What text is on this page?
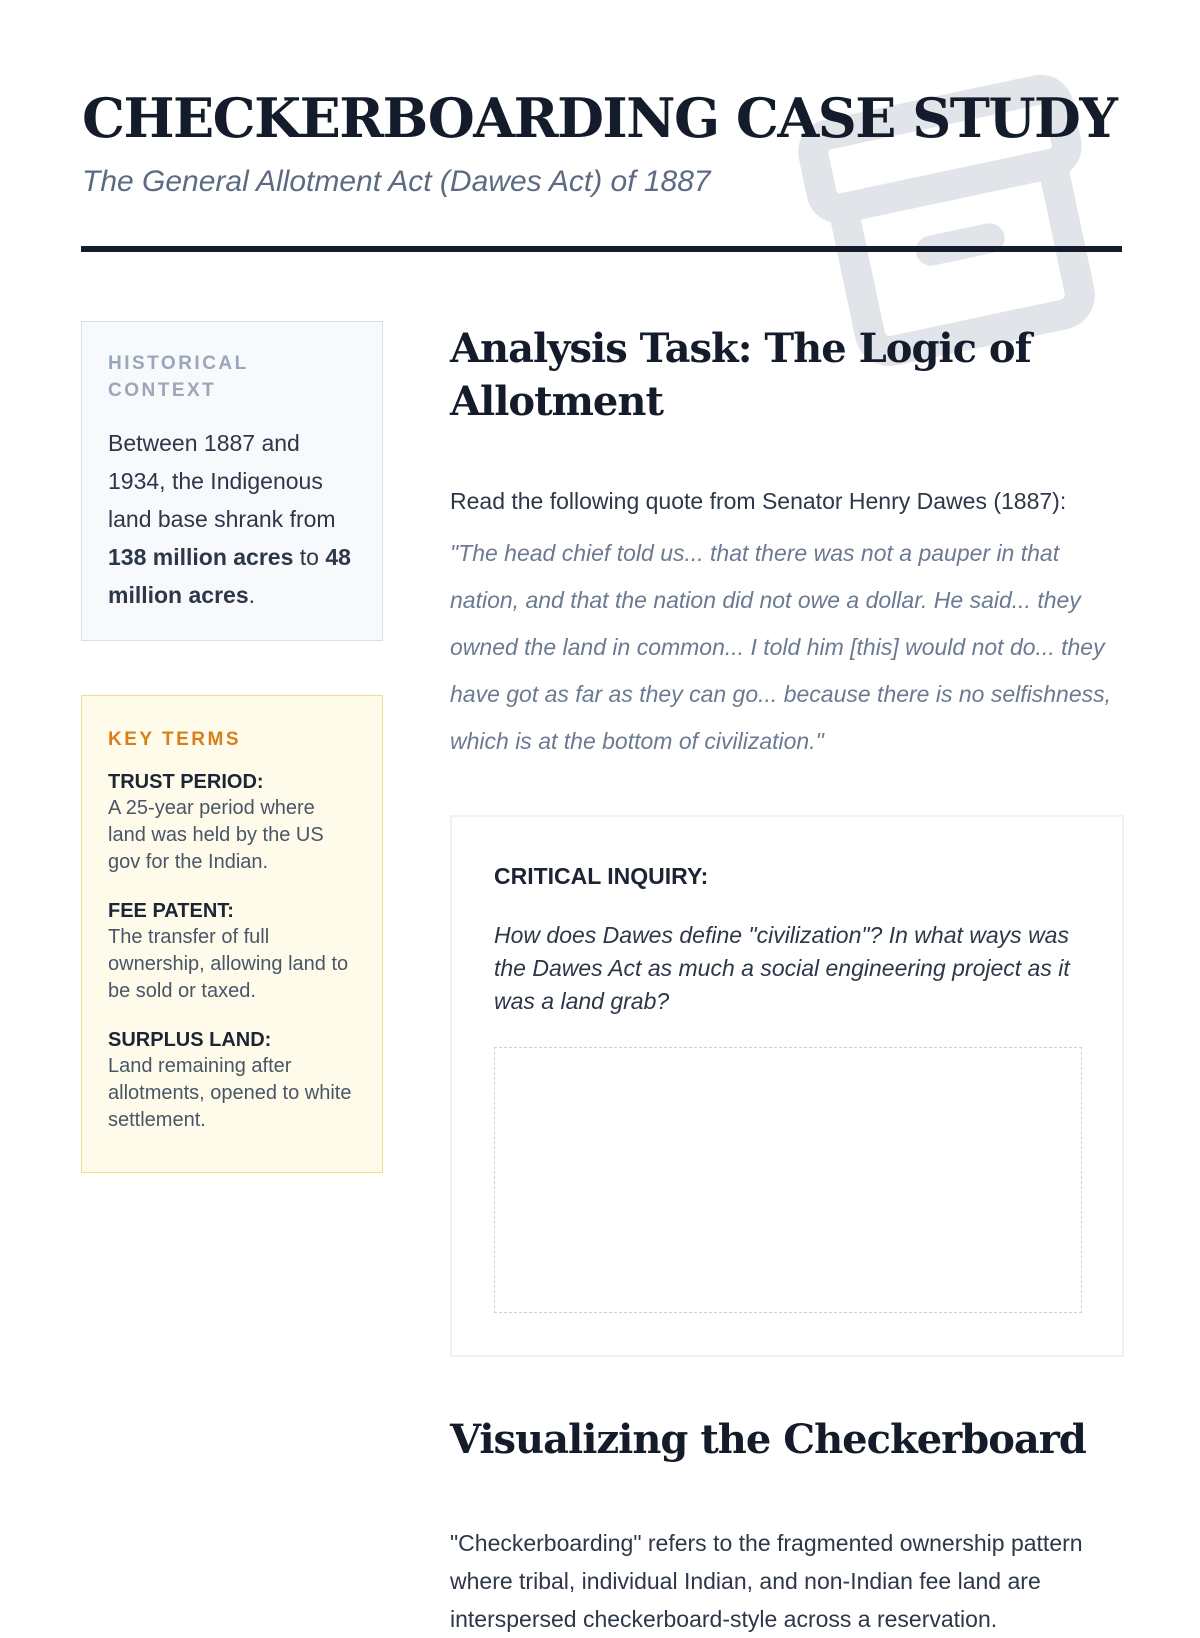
CHECKERBOARDING CASE STUDY
The General Allotment Act (Dawes Act) of 1887
HISTORICAL CONTEXT
Between 1887 and 1934, the Indigenous land base shrank from 138 million acres to 48 million acres.
KEY TERMS
TRUST PERIOD:
A 25-year period where land was held by the US gov for the Indian.
FEE PATENT:
The transfer of full ownership, allowing land to be sold or taxed.
SURPLUS LAND:
Land remaining after allotments, opened to white settlement.
Analysis Task: The Logic of Allotment
Read the following quote from Senator Henry Dawes (1887):
"The head chief told us... that there was not a pauper in that nation, and that the nation did not owe a dollar. He said... they owned the land in common... I told him [this] would not do... they have got as far as they can go... because there is no selfishness, which is at the bottom of civilization."
CRITICAL INQUIRY:
How does Dawes define "civilization"? In what ways was the Dawes Act as much a social engineering project as it was a land grab?
Visualizing the Checkerboard
"Checkerboarding" refers to the fragmented ownership pattern where tribal, individual Indian, and non-Indian fee land are interspersed checkerboard-style across a reservation.
